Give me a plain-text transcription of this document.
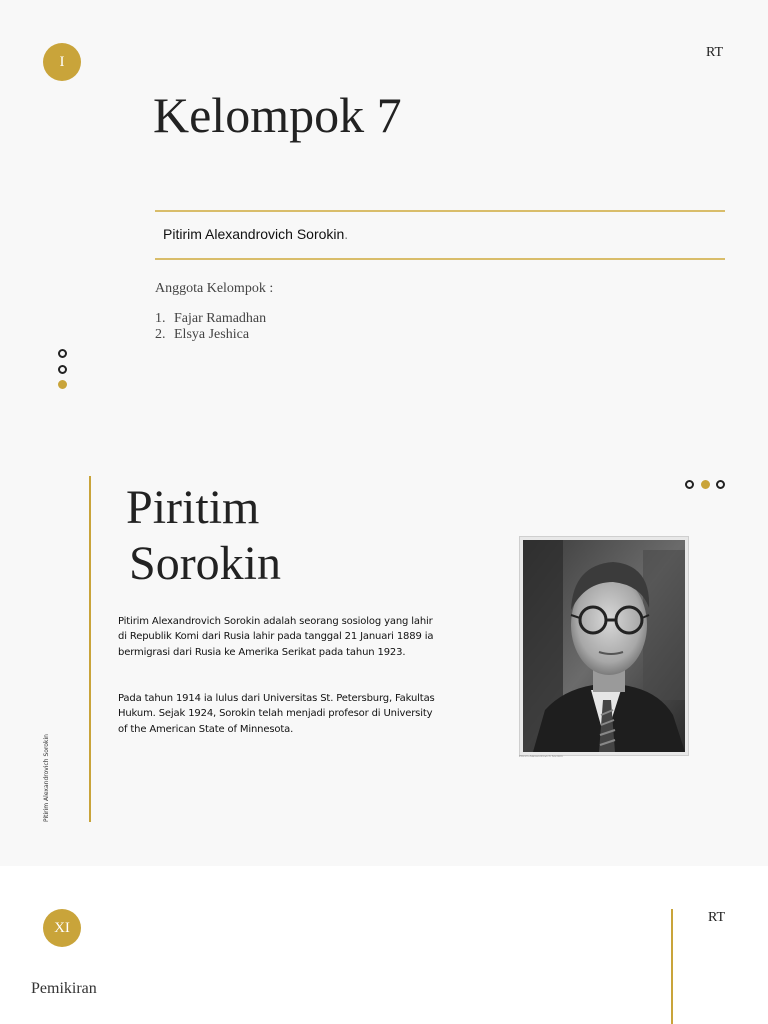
I
RT
Kelompok 7
Pitirim Alexandrovich Sorokin.
Anggota Kelompok :
1. Fajar Ramadhan
2. Elsya Jeshica
Pitirim Alexandrovich Sorokin
Piritim
Sorokin

Pitirim Alexandrovich Sorokin adalah seorang sosiolog yang lahir di Republik Komi dari Rusia lahir pada tanggal 21 Januari 1889 ia bermigrasi dari Rusia ke Amerika Serikat pada tahun 1923.

Pada tahun 1914 ia lulus dari Universitas St. Petersburg, Fakultas Hukum. Sejak 1924, Sorokin telah menjadi profesor di University of the American State of Minnesota.

Pitirim Alexandrovich Sorokin
XI
RT
Pemikiran
